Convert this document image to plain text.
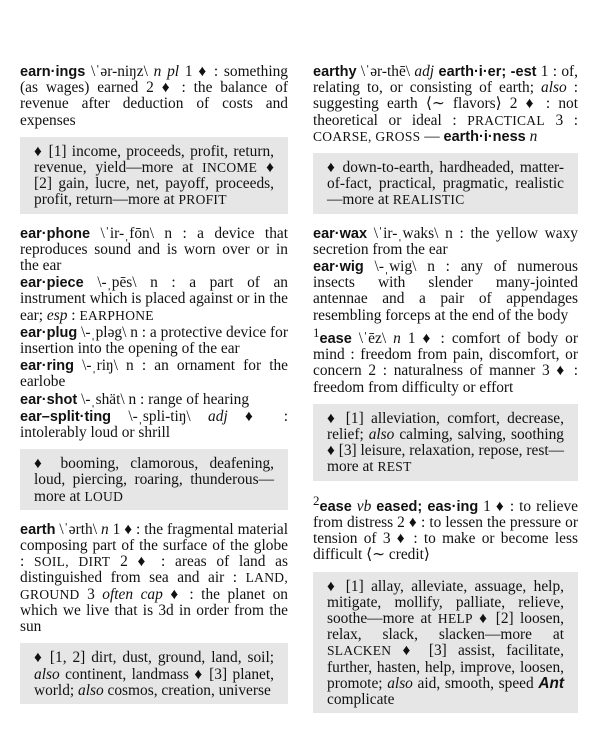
earn·ings \ˈər-niŋz\ n pl 1 ♦ : something (as wages) earned 2 ♦ : the balance of revenue after deduction of costs and expenses

♦ [1] income, proceeds, profit, return, revenue, yield—more at INCOME ♦ [2] gain, lucre, net, payoff, proceeds, profit, return—more at PROFIT

ear·phone \ˈir-ˌfōn\ n : a device that reproduces sound and is worn over or in the ear

ear·piece \-ˌpēs\ n : a part of an instrument which is placed against or in the ear; esp : EARPHONE

ear·plug \-ˌpləg\ n : a protective device for insertion into the opening of the ear

ear·ring \-ˌriŋ\ n : an ornament for the earlobe

ear·shot \-ˌshät\ n : range of hearing

ear–split·ting \-ˌspli-tiŋ\ adj ♦ : intolerably loud or shrill

♦ booming, clamorous, deafening, loud, piercing, roaring, thunderous—more at LOUD

earth \ˈərth\ n 1 ♦ : the fragmental material composing part of the surface of the globe : SOIL, DIRT 2 ♦ : areas of land as distinguished from sea and air : LAND, GROUND 3 often cap ♦ : the planet on which we live that is 3d in order from the sun

♦ [1, 2] dirt, dust, ground, land, soil; also continent, landmass ♦ [3] planet, world; also cosmos, creation, universe

earthy \ˈər-thē\ adj earth·i·er; -est 1 : of, relating to, or consisting of earth; also : suggesting earth ⟨∼ flavors⟩ 2 ♦ : not theoretical or ideal : PRACTICAL 3 : COARSE, GROSS — earth·i·ness n

♦ down-to-earth, hardheaded, matter-of-fact, practical, pragmatic, realistic—more at REALISTIC

ear·wax \ˈir-ˌwaks\ n : the yellow waxy secretion from the ear

ear·wig \-ˌwig\ n : any of numerous insects with slender many-jointed antennae and a pair of appendages resembling forceps at the end of the body

$^1$ease \ˈēz\ n 1 ♦ : comfort of body or mind : freedom from pain, discomfort, or concern 2 : naturalness of manner 3 ♦ : freedom from difficulty or effort

♦ [1] alleviation, comfort, decrease, relief; also calming, salving, soothing ♦ [3] leisure, relaxation, repose, rest—more at REST

$^2$ease vb eased; eas·ing 1 ♦ : to relieve from distress 2 ♦ : to lessen the pressure or tension of 3 ♦ : to make or become less difficult ⟨∼ credit⟩

♦ [1] allay, alleviate, assuage, help, mitigate, mollify, palliate, relieve, soothe—more at HELP ♦ [2] loosen, relax, slack, slacken—more at SLACKEN ♦ [3] assist, facilitate, further, hasten, help, improve, loosen, promote; also aid, smooth, speed Ant complicate
